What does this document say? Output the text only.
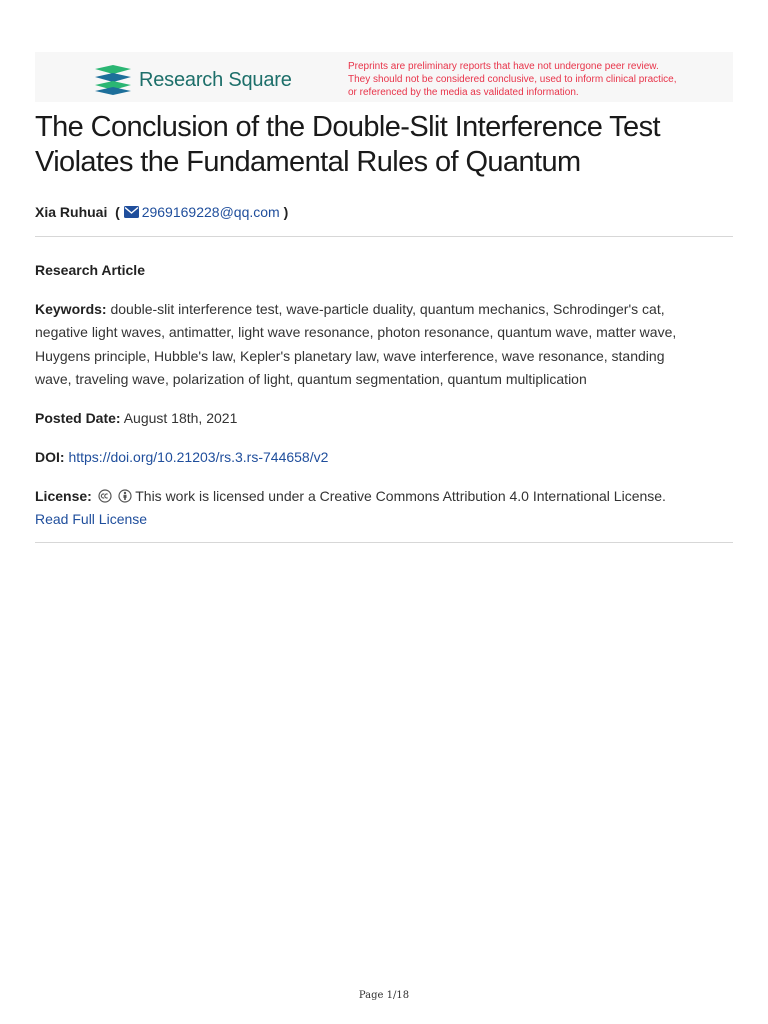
Research Square
Preprints are preliminary reports that have not undergone peer review.
They should not be considered conclusive, used to inform clinical practice,
or referenced by the media as validated information.
The Conclusion of the Double-Slit Interference Test
Violates the Fundamental Rules of Quantum
Xia Ruhuai ( 2969169228@qq.com )
Research Article
Keywords: double-slit interference test, wave-particle duality, quantum mechanics, Schrodinger's cat,
negative light waves, antimatter, light wave resonance, photon resonance, quantum wave, matter wave,
Huygens principle, Hubble's law, Kepler's planetary law, wave interference, wave resonance, standing
wave, traveling wave, polarization of light, quantum segmentation, quantum multiplication
Posted Date: August 18th, 2021
DOI: https://doi.org/10.21203/rs.3.rs-744658/v2
License:	This work is licensed under a Creative Commons Attribution 4.0 International License.
Read Full License
Page 1/18
